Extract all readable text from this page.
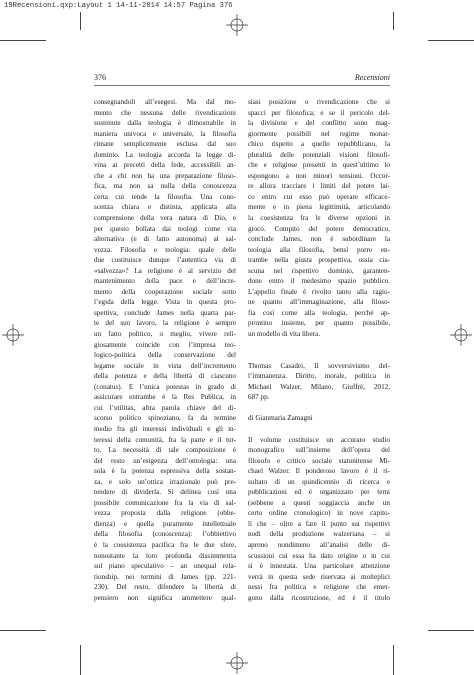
19Recensioni.qxp:Layout 1 14-11-2014 14:57 Pagina 376
376	Recensioni
consegnandoli all’esegesi. Ma dal mo-
mento che nessuna delle rivendicazioni
sostenute dalla teologia è dimostrabile in
maniera univoca e universale, la filosofia
rimane semplicemente esclusa dal suo
dominio. La teologia accorda la legge di-
vina ai precetti della fede, accessibili an-
che a chi non ha una preparazione filoso-
fica, ma non sa nulla della conoscenza
certa cui tende la filosofia. Una cono-
scenza chiara e distinta, applicata alla
comprensione della vera natura di Dio, e
per questo bollata dai teologi come via
alternativa (e di fatto autonoma) al sal-
vezza. Filosofia e teologia: quale delle
due costituisce dunque l’autentica via di
«salvezza»? La religione è al servizio del
mantenimento della pace e dell’incre-
mento della cooperazione sociale sotto
l’egida della legge. Vista in questa pro-
spettiva, conclude James nella quarta par-
te del suo lavoro, la religione è sempre
un fatto politico, o meglio, vivere reli-
giosamente coincide con l’impresa teo-
logico-politica della conservazione del
legame sociale in vista dell’incremento
della potenza e della libertà di ciascuno
(conatus). E l’unica potestas in grado di
assicurare entrambe è la Res Publica, in
cui l’utilitas, altra parola chiave del di-
scorso politico spinoziano, fa da termine
medio fra gli interessi individuali e gli in-
teressi della comunità, fra la parte e il tut-
to. La necessità di tale composizione è
del resto un’esigenza dell’ontologia: una
sola è la potenza espressiva della sostan-
za, e solo un’ottica irrazionale può pre-
tendere di dividerla. Si delinea così una
possibile comunicazione fra la via di sal-
vezza proposta dalla religione (obbe-
dienza) e quella puramente intellettuale
della filosofia (conoscenza): l’obbiettivo
è la coesistenza pacifica fra le due sfere,
nonostante la loro profonda dissimmetria
sul piano speculativo – an unequal rela-
tionship, nei termini di James (pp. 221-
230). Del resto, difendere la libertà di
pensiero non significa ammettere qual-
siasi posizione o rivendicazione che si
spacci per filosofica; e se il pericolo del-
la divisione e del conflitto sono mag-
giormente possibili nel regime monar-
chico rispetto a quello repubblicano, la
pluralità delle potenziali visioni filosofi-
che e religiose presenti in quest’ultimo lo
espongono a non minori tensioni. Occor-
re allora tracciare i limiti del potere lai-
co entro cui esso può operare efficace-
mente e in piena legittimità, articolando
la coesistenza fra le diverse opzioni in
gioco. Compito del potere democratico,
conclude James, non è subordinare la
teologia alla filosofia, bensì porre en-
trambe nella giusta prospettiva, ossia cia-
scuna nel rispettivo dominio, garanten-
done entro il medesimo spazio pubblico.
L’appello finale è rivolto tanto alla ragio-
ne quanto all’immaginazione, alla filoso-
fia così come alla teologia, perché ap-
prontino insieme, per quanto possibile,
un modello di vita libera.
Thomas Casadei, Il sovversivismo del-
l’immanenza. Diritto, morale, politica in
Michael Walzer, Milano, Giuffrè, 2012,
687 pp.
di Gianmaria Zamagni
Il volume costituisce un accurato studio
monografico sull’insieme dell’opera del
filosofo e critico sociale statunitense Mi-
chael Walzer. Il ponderoso lavoro è il ri-
sultato di un quindicennio di ricerca e
pubblicazioni ed è organizzato per temi
(sebbene a questi soggiaccia anche un
certo ordine cronologico) in nove capito-
li che – oltre a fare il punto sui rispettivi
nodi della produzione walzeriana – si
aprono nondimeno all’analisi delle di-
scussioni cui essa ha dato origine o in cui
si è innestata. Una particolare attenzione
verrà in questa sede riservata ai molteplici
nessi fra politica e religione che emer-
gono dalla ricostruzione, ed è il titolo
